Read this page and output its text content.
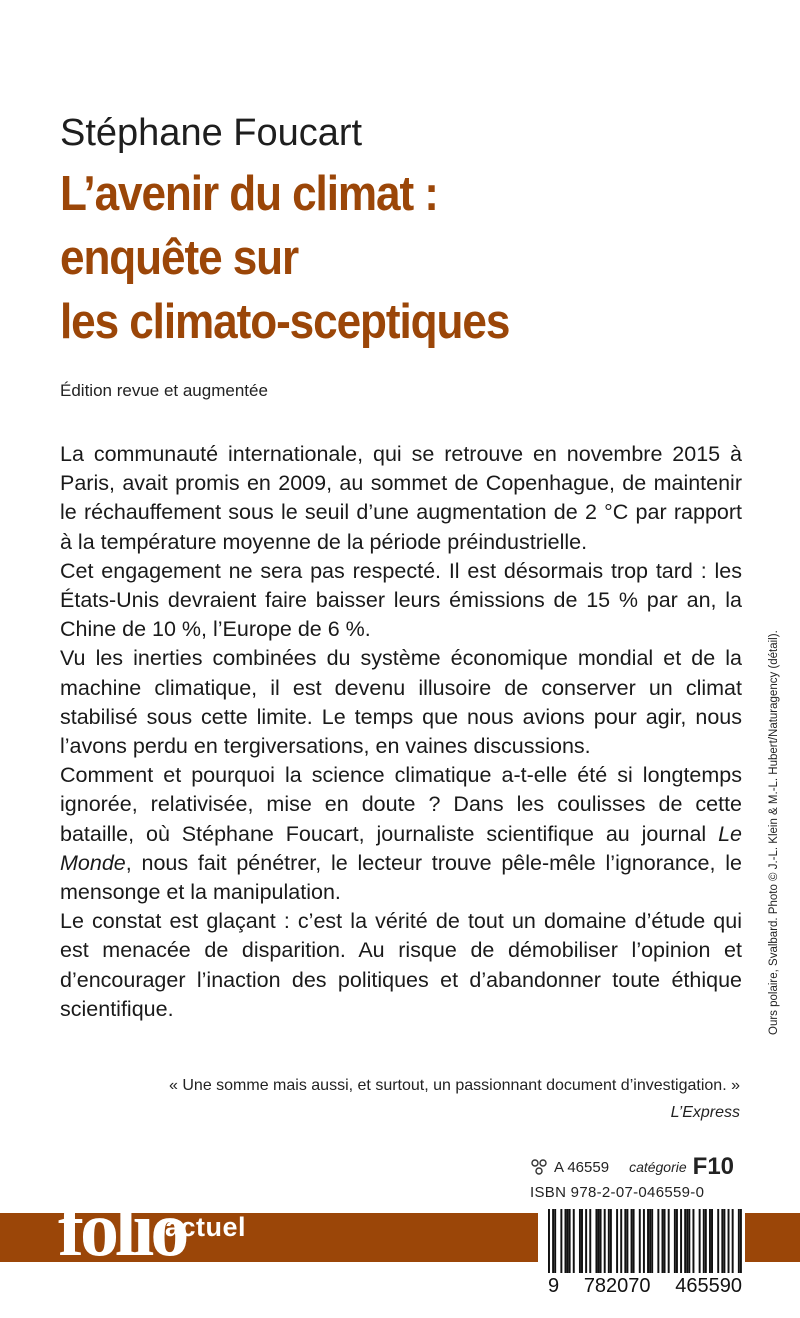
Stéphane Foucart
L’avenir du climat :
enquête sur
les climato-sceptiques
Édition revue et augmentée

La communauté internationale, qui se retrouve en novembre 2015 à Paris, avait promis en 2009, au sommet de Copenhague, de maintenir le réchauffement sous le seuil d’une augmentation de 2 °C par rapport à la température moyenne de la période préindustrielle.

Cet engagement ne sera pas respecté. Il est désormais trop tard : les États-Unis devraient faire baisser leurs émissions de 15 % par an, la Chine de 10 %, l’Europe de 6 %.

Vu les inerties combinées du système économique mondial et de la machine climatique, il est devenu illusoire de conserver un climat stabilisé sous cette limite. Le temps que nous avions pour agir, nous l’avons perdu en tergiversations, en vaines discussions.

Comment et pourquoi la science climatique a-t-elle été si longtemps ignorée, relativisée, mise en doute ? Dans les coulisses de cette bataille, où Stéphane Foucart, journaliste scientifique au journal Le Monde, nous fait pénétrer, le lecteur trouve pêle-mêle l’ignorance, le mensonge et la manipulation.

Le constat est glaçant : c’est la vérité de tout un domaine d’étude qui est menacée de disparition. Au risque de démobiliser l’opinion et d’encourager l’inaction des politiques et d’abandonner toute éthique scientifique.

« Une somme mais aussi, et surtout, un passionnant document d’investigation. »
L’Express
Ours polaire, Svalbard. Photo © J.-L. Klein & M.-L. Hubert/Naturagency (détail).
A 46559 catégorie F10
ISBN 978-2-07-046559-0
folio
actuel
9 782070 465590
